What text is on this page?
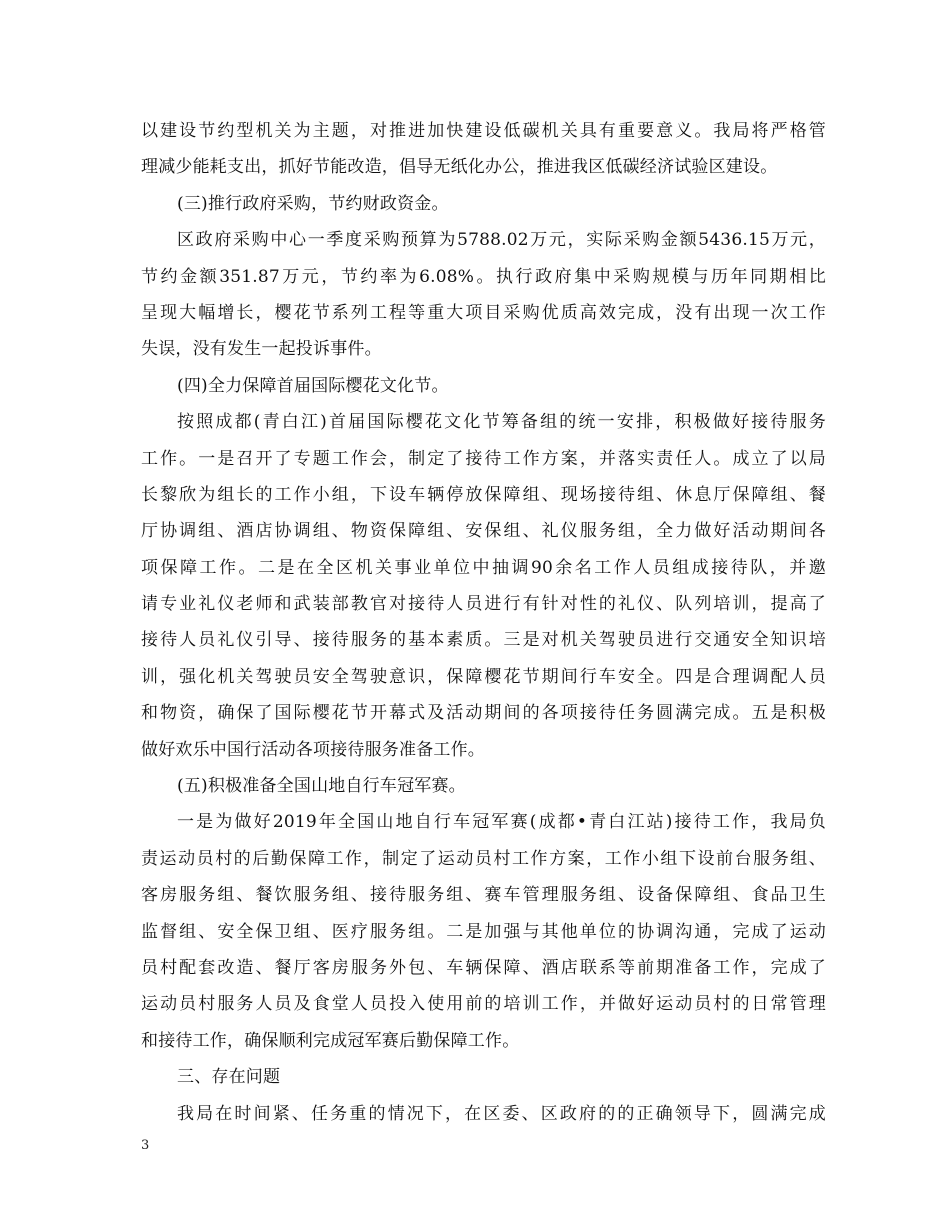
以建设节约型机关为主题，对推进加快建设低碳机关具有重要意义。我局将严格管
理减少能耗支出，抓好节能改造，倡导无纸化办公，推进我区低碳经济试验区建设。
(三)推行政府采购，节约财政资金。
区政府采购中心一季度采购预算为5788.02万元，实际采购金额5436.15万元，
节约金额351.87万元，节约率为6.08%。执行政府集中采购规模与历年同期相比
呈现大幅增长，樱花节系列工程等重大项目采购优质高效完成，没有出现一次工作
失误，没有发生一起投诉事件。
(四)全力保障首届国际樱花文化节。
按照成都(青白江)首届国际樱花文化节筹备组的统一安排，积极做好接待服务
工作。一是召开了专题工作会，制定了接待工作方案，并落实责任人。成立了以局
长黎欣为组长的工作小组，下设车辆停放保障组、现场接待组、休息厅保障组、餐
厅协调组、酒店协调组、物资保障组、安保组、礼仪服务组，全力做好活动期间各
项保障工作。二是在全区机关事业单位中抽调90余名工作人员组成接待队，并邀
请专业礼仪老师和武装部教官对接待人员进行有针对性的礼仪、队列培训，提高了
接待人员礼仪引导、接待服务的基本素质。三是对机关驾驶员进行交通安全知识培
训，强化机关驾驶员安全驾驶意识，保障樱花节期间行车安全。四是合理调配人员
和物资，确保了国际樱花节开幕式及活动期间的各项接待任务圆满完成。五是积极
做好欢乐中国行活动各项接待服务准备工作。
(五)积极准备全国山地自行车冠军赛。
一是为做好2019年全国山地自行车冠军赛(成都•青白江站)接待工作，我局负
责运动员村的后勤保障工作，制定了运动员村工作方案，工作小组下设前台服务组、
客房服务组、餐饮服务组、接待服务组、赛车管理服务组、设备保障组、食品卫生
监督组、安全保卫组、医疗服务组。二是加强与其他单位的协调沟通，完成了运动
员村配套改造、餐厅客房服务外包、车辆保障、酒店联系等前期准备工作，完成了
运动员村服务人员及食堂人员投入使用前的培训工作，并做好运动员村的日常管理
和接待工作，确保顺利完成冠军赛后勤保障工作。
三、存在问题
我局在时间紧、任务重的情况下，在区委、区政府的的正确领导下，圆满完成
3
